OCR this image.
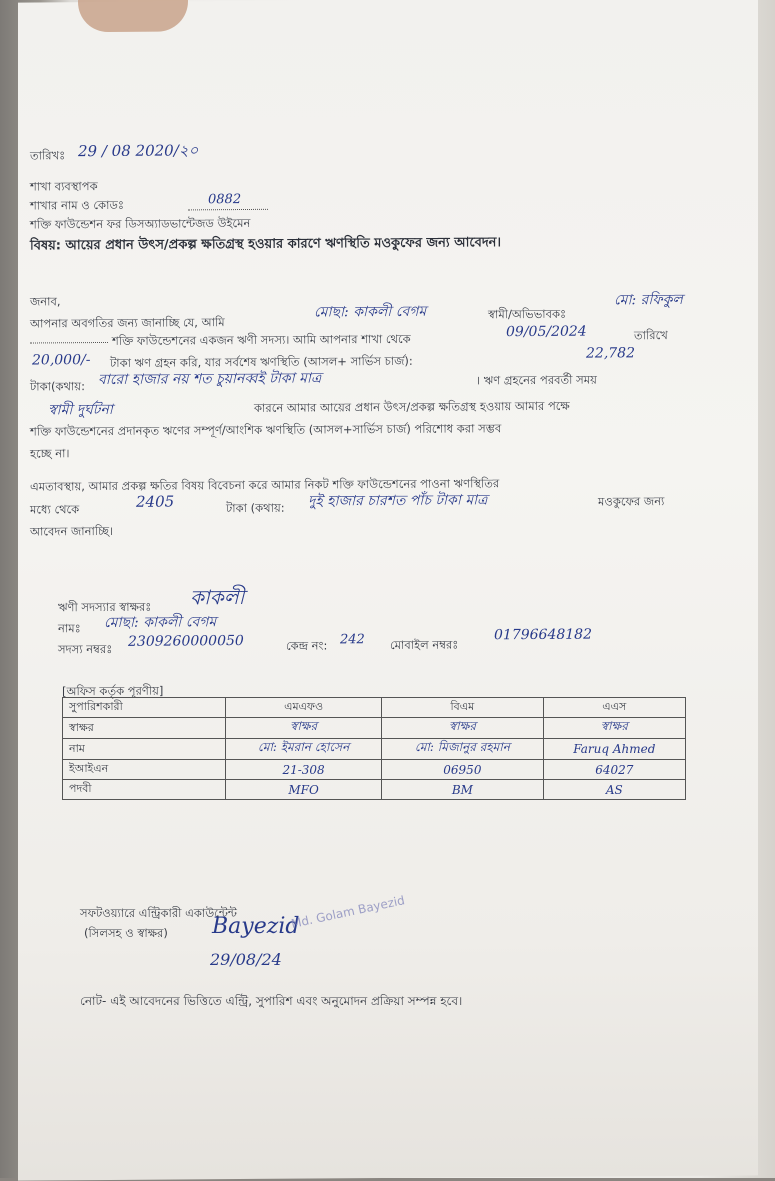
তারিখঃ 29 / 08 2020/২০
শাখা ব্যবস্থাপক
শাখার নাম ও কোডঃ	0882
শক্তি ফাউন্ডেশন ফর ডিসঅ্যাডভান্টেজড উইমেন
বিষয়: আয়ের প্রধান উৎস/প্রকল্প ক্ষতিগ্রস্থ হওয়ার কারণে ঋণস্থিতি মওকুফের জন্য আবেদন।
জনাব,
আপনার অবগতির জন্য জানাচ্ছি যে, আমি
মোছা: কাকলী বেগম	স্বামী/অভিভাবকঃ
মো: রফিকুল
শক্তি ফাউন্ডেশনের একজন ঋণী সদস্য। আমি আপনার শাখা থেকে	09/05/2024	তারিখে
20,000/- টাকা ঋণ গ্রহন করি, যার সর্বশেষ ঋণস্থিতি (আসল+ সার্ভিস চার্জ):
22,782
টাকা(কথায়: বারো হাজার নয় শত চুয়ানব্বই টাকা মাত্র	। ঋণ গ্রহনের পরবর্তী সময়
স্বামী দুর্ঘটনা	কারনে আমার আয়ের প্রধান উৎস/প্রকল্প ক্ষতিগ্রস্থ হওয়ায় আমার পক্ষে
শক্তি ফাউন্ডেশনের প্রদানকৃত ঋণের সম্পূর্ণ/আংশিক ঋণস্থিতি (আসল+সার্ভিস চার্জ) পরিশোধ করা সম্ভব
হচ্ছে না।
এমতাবস্থায়, আমার প্রকল্প ক্ষতির বিষয় বিবেচনা করে আমার নিকট শক্তি ফাউন্ডেশনের পাওনা ঋণস্থিতির
মধ্যে থেকে	2405	টাকা (কথায়: দুই হাজার চারশত পাঁচ টাকা মাত্র	মওকুফের জন্য
আবেদন জানাচ্ছি।
ঋণী সদস্যার স্বাক্ষরঃ কাকলী
নামঃ মোছা: কাকলী বেগম
সদস্য নম্বরঃ 2309260000050	কেন্দ্র নং: 242 মোবাইল নম্বরঃ
01796648182
[অফিস কর্তৃক পূরণীয়]
সুপারিশকারী	এমএফও	বিএম	এএস
স্বাক্ষর	স্বাক্ষর	স্বাক্ষর	স্বাক্ষর
নাম	মো: ইমরান হোসেন	মো: মিজানুর রহমান	Faruq Ahmed
ইআইএন	21-308	06950	64027
পদবী	MFO	BM	AS
সফটওয়্যারে এন্ট্রিকারী একাউন্টেন্ট
(সিলসহ ও স্বাক্ষর) Bayezid
29/08/24
Md. Golam Bayezid
নোট- এই আবেদনের ভিত্তিতে এন্ট্রি, সুপারিশ এবং অনুমোদন প্রক্রিয়া সম্পন্ন হবে।
